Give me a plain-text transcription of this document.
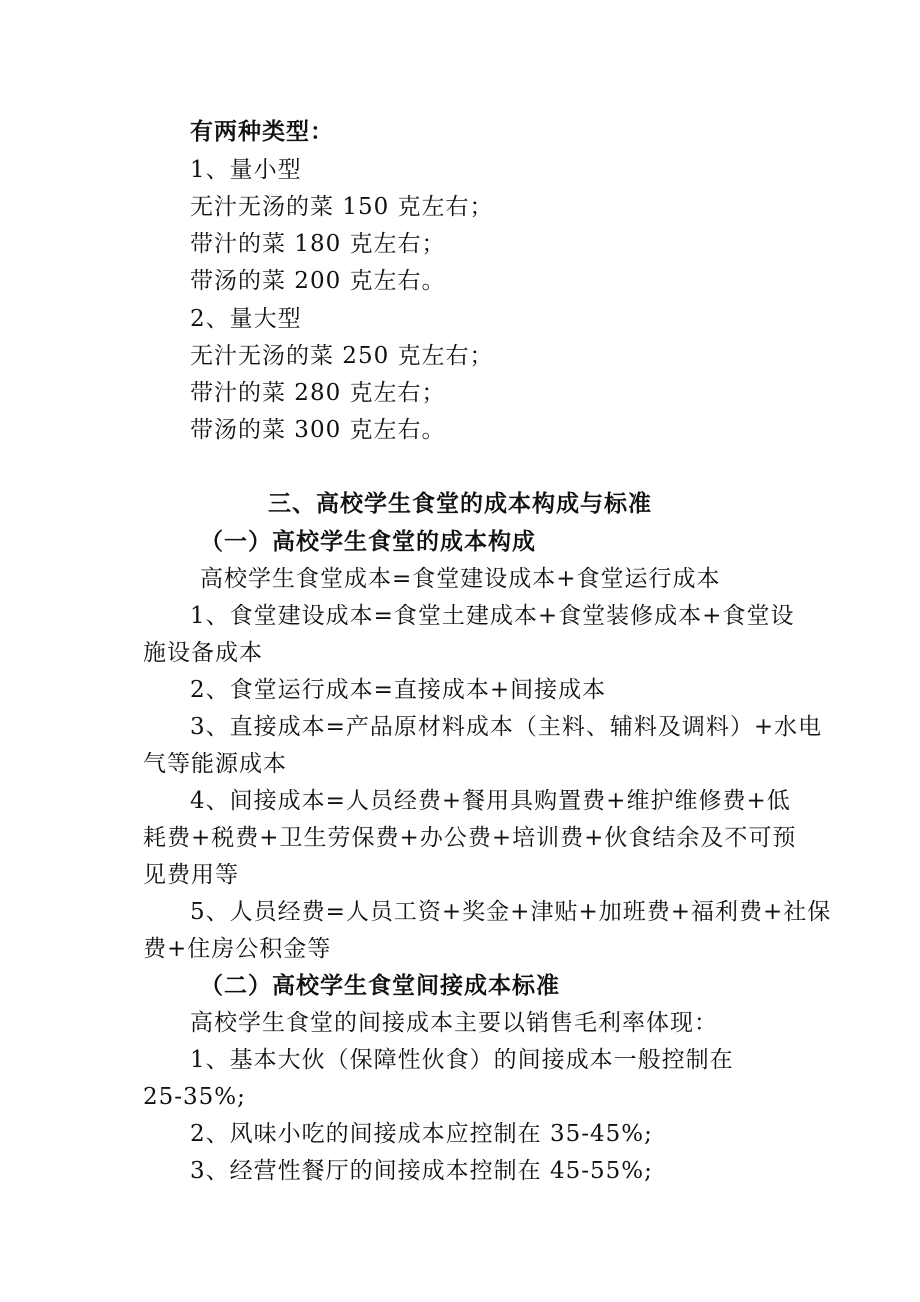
有两种类型：
1、量小型
无汁无汤的菜 150 克左右；
带汁的菜 180 克左右；
带汤的菜 200 克左右。
2、量大型
无汁无汤的菜 250 克左右；
带汁的菜 280 克左右；
带汤的菜 300 克左右。
三、高校学生食堂的成本构成与标准
（一）高校学生食堂的成本构成
高校学生食堂成本=食堂建设成本+食堂运行成本
1、食堂建设成本=食堂土建成本+食堂装修成本+食堂设
施设备成本
2、食堂运行成本=直接成本+间接成本
3、直接成本=产品原材料成本（主料、辅料及调料）+水电
气等能源成本
4、间接成本=人员经费+餐用具购置费+维护维修费+低
耗费+税费+卫生劳保费+办公费+培训费+伙食结余及不可预
见费用等
5、人员经费=人员工资+奖金+津贴+加班费+福利费+社保
费+住房公积金等
（二）高校学生食堂间接成本标准
高校学生食堂的间接成本主要以销售毛利率体现：
1、基本大伙（保障性伙食）的间接成本一般控制在
25-35%;
2、风味小吃的间接成本应控制在 35-45%;
3、经营性餐厅的间接成本控制在 45-55%;
